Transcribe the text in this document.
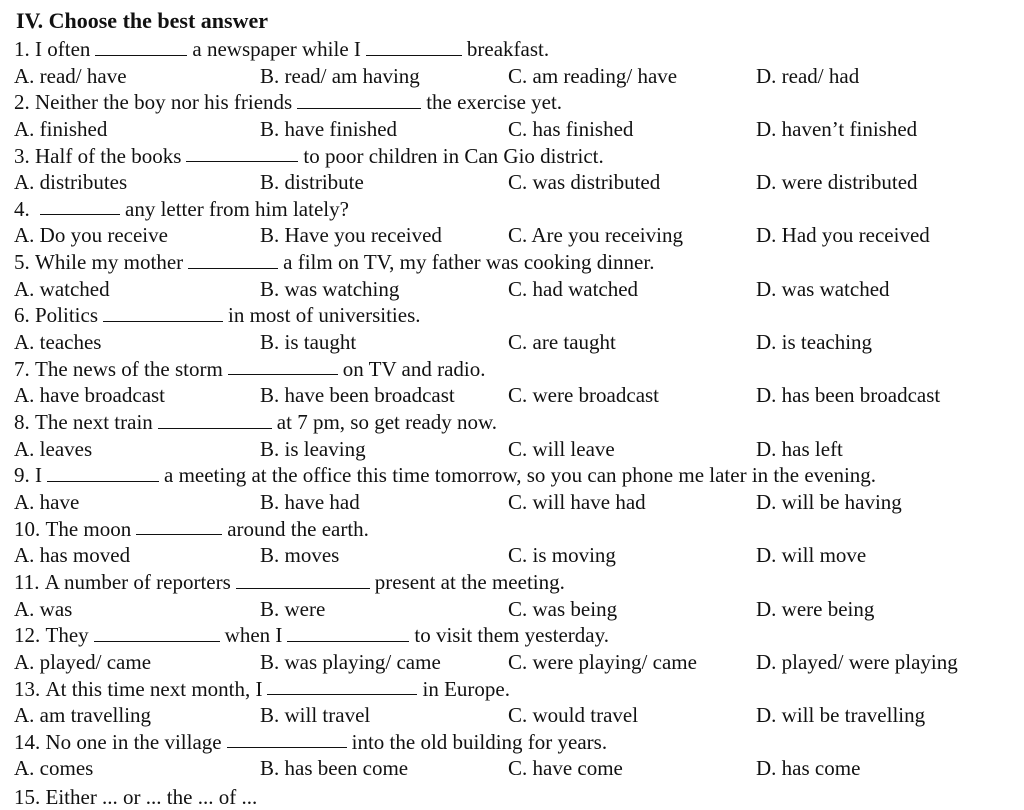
IV. Choose the best answer
1.
I often	a newspaper while I	breakfast.
A. read/ have	B. read/ am having	C. am reading/ have	D. read/ had
2.
Neither the boy nor his friends	the exercise yet.
A. finished	B. have finished	C. has finished	D. haven’t finished
3.
Half of the books	to poor children in Can Gio district.
A. distributes	B. distribute	C. was distributed	D. were distributed
4.
	any letter from him lately?
A. Do you receive	B. Have you received	C. Are you receiving	D. Had you received
5.
While my mother	a film on TV, my father was cooking dinner.
A. watched	B. was watching	C. had watched	D. was watched
6.
Politics	in most of universities.
A. teaches	B. is taught	C. are taught	D. is teaching
7.
The news of the storm	on TV and radio.
A. have broadcast	B. have been broadcast	C. were broadcast	D. has been broadcast
8.
The next train	at 7 pm, so get ready now.
A. leaves	B. is leaving	C. will leave	D. has left
9.
I	a meeting at the office this time tomorrow, so you can phone me later in the evening.
A. have	B. have had	C. will have had	D. will be having
10.
The moon	around the earth.
A. has moved	B. moves	C. is moving	D. will move
11.
A number of reporters	present at the meeting.
A. was	B. were	C. was being	D. were being
12.
They	when I	to visit them yesterday.
A. played/ came	B. was playing/ came	C. were playing/ came	D. played/ were playing
13.
At this time next month, I	in Europe.
A. am travelling	B. will travel	C. would travel	D. will be travelling
14.
No one in the village	into the old building for years.
A. comes	B. has been come	C. have come	D. has come
15. Either ... or ... the ... of ...
